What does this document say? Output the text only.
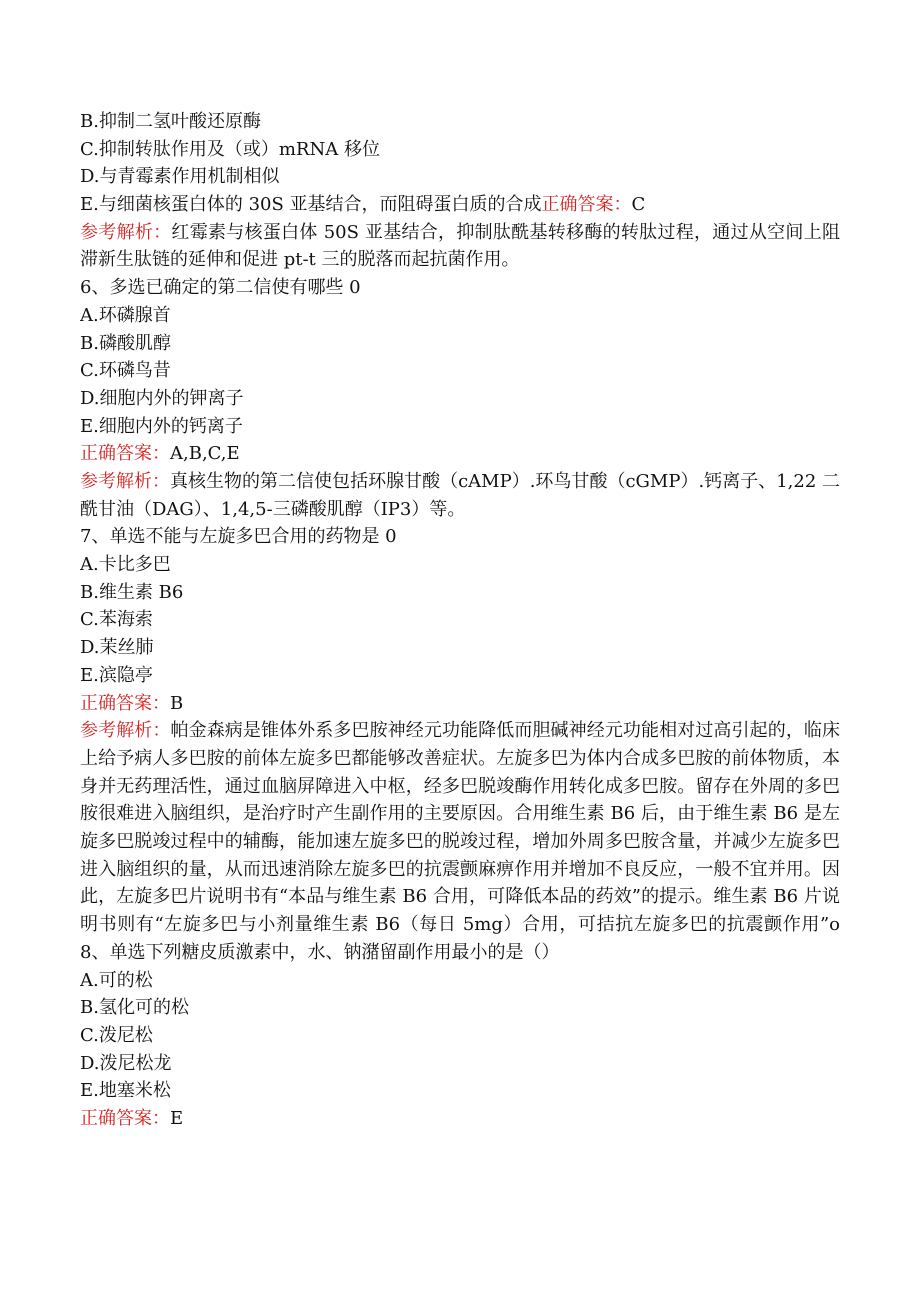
B.抑制二氢叶酸还原酶
C.抑制转肽作用及（或）mRNA 移位
D.与青霉素作用机制相似
E.与细菌核蛋白体的 30S 亚基结合，而阻碍蛋白质的合成正确答案：C
参考解析：红霉素与核蛋白体 50S 亚基结合，抑制肽酰基转移酶的转肽过程，通过从空间上阻滞新生肽链的延伸和促进 pt-t 三的脱落而起抗菌作用。
6、多选已确定的第二信使有哪些 0
A.环磷腺首
B.磷酸肌醇
C.环磷鸟昔
D.细胞内外的钾离子
E.细胞内外的钙离子
正确答案：A,B,C,E
参考解析：真核生物的第二信使包括环腺甘酸（cAMP）.环鸟甘酸（cGMP）.钙离子、1,22 二酰甘油（DAG）、1,4,5-三磷酸肌醇（IP3）等。
7、单选不能与左旋多巴合用的药物是 0
A.卡比多巴
B.维生素 B6
C.苯海索
D.茉丝肺
E.滨隐亭
正确答案：B
参考解析：帕金森病是锥体外系多巴胺神经元功能降低而胆碱神经元功能相对过高引起的，临床上给予病人多巴胺的前体左旋多巴都能够改善症状。左旋多巴为体内合成多巴胺的前体物质，本身并无药理活性，通过血脑屏障进入中枢，经多巴脱竣酶作用转化成多巴胺。留存在外周的多巴胺很难进入脑组织，是治疗时产生副作用的主要原因。合用维生素 B6 后，由于维生素 B6 是左旋多巴脱竣过程中的辅酶，能加速左旋多巴的脱竣过程，增加外周多巴胺含量，并减少左旋多巴进入脑组织的量，从而迅速消除左旋多巴的抗震颤麻痹作用并增加不良反应，一般不宜并用。因此，左旋多巴片说明书有“本品与维生素 B6 合用，可降低本品的药效”的提示。维生素 B6 片说明书则有“左旋多巴与小剂量维生素 B6（每日 5mg）合用，可拮抗左旋多巴的抗震颤作用”o8、单选下列糖皮质激素中，水、钠潴留副作用最小的是（）
A.可的松
B.氢化可的松
C.泼尼松
D.泼尼松龙
E.地塞米松
正确答案：E
